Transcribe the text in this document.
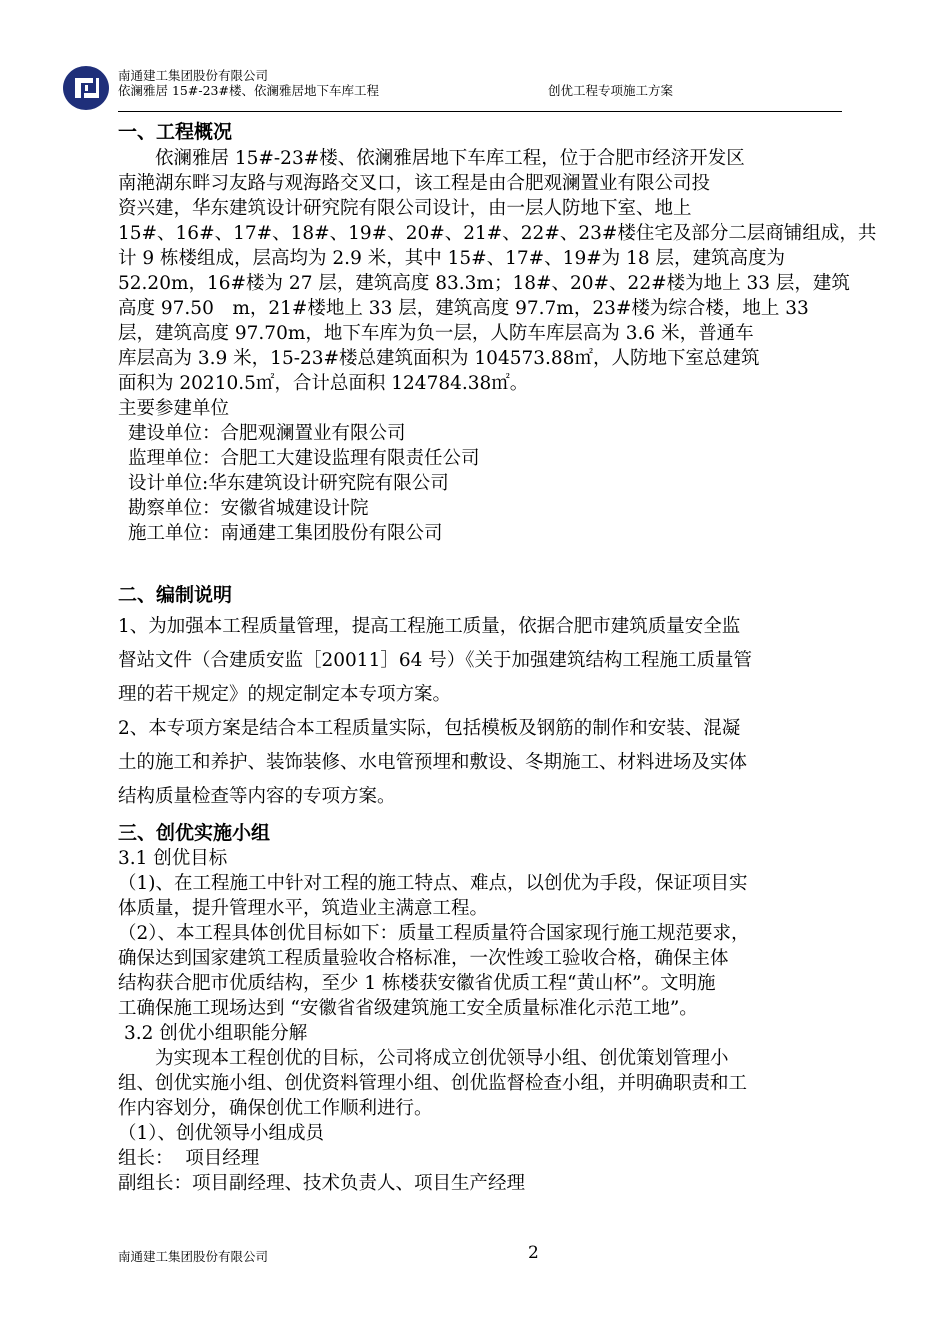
南通建工集团股份有限公司
依澜雅居 15#-23#楼、依澜雅居地下车库工程	创优工程专项施工方案
一、工程概况
依澜雅居 15#-23#楼、依澜雅居地下车库工程，位于合肥市经济开发区
南滟湖东畔习友路与观海路交叉口，该工程是由合肥观澜置业有限公司投
资兴建，华东建筑设计研究院有限公司设计，由一层人防地下室、地上
15#、16#、17#、18#、19#、20#、21#、22#、23#楼住宅及部分二层商铺组成，共
计 9 栋楼组成，层高均为 2.9 米，其中 15#、17#、19#为 18 层，建筑高度为
52.20m，16#楼为 27 层，建筑高度 83.3m；18#、20#、22#楼为地上 33 层，建筑
高度 97.50　m，21#楼地上 33 层，建筑高度 97.7m，23#楼为综合楼，地上 33
层，建筑高度 97.70m，地下车库为负一层，人防车库层高为 3.6 米，普通车
库层高为 3.9 米，15-23#楼总建筑面积为 104573.88㎡，人防地下室总建筑
面积为 20210.5㎡，合计总面积 124784.38㎡。
主要参建单位
建设单位：合肥观澜置业有限公司
监理单位：合肥工大建设监理有限责任公司
设计单位:华东建筑设计研究院有限公司
勘察单位：安徽省城建设计院
施工单位：南通建工集团股份有限公司
二、编制说明
1、为加强本工程质量管理，提高工程施工质量，依据合肥市建筑质量安全监
督站文件（合建质安监［20011］64 号）《关于加强建筑结构工程施工质量管
理的若干规定》的规定制定本专项方案。
2、本专项方案是结合本工程质量实际，包括模板及钢筋的制作和安装、混凝
土的施工和养护、装饰装修、水电管预埋和敷设、冬期施工、材料进场及实体
结构质量检查等内容的专项方案。
三、创优实施小组
3.1 创优目标
（1)、在工程施工中针对工程的施工特点、难点，以创优为手段，保证项目实
体质量，提升管理水平，筑造业主满意工程。
（2）、本工程具体创优目标如下：质量工程质量符合国家现行施工规范要求，
确保达到国家建筑工程质量验收合格标准，一次性竣工验收合格，确保主体
结构获合肥市优质结构，至少 1 栋楼获安徽省优质工程“黄山杯”。文明施
工确保施工现场达到 “安徽省省级建筑施工安全质量标准化示范工地”。
3.2 创优小组职能分解
为实现本工程创优的目标，公司将成立创优领导小组、创优策划管理小
组、创优实施小组、创优资料管理小组、创优监督检查小组，并明确职责和工
作内容划分，确保创优工作顺利进行。
（1）、创优领导小组成员
组长：  项目经理
副组长：项目副经理、技术负责人、项目生产经理
南通建工集团股份有限公司	2
